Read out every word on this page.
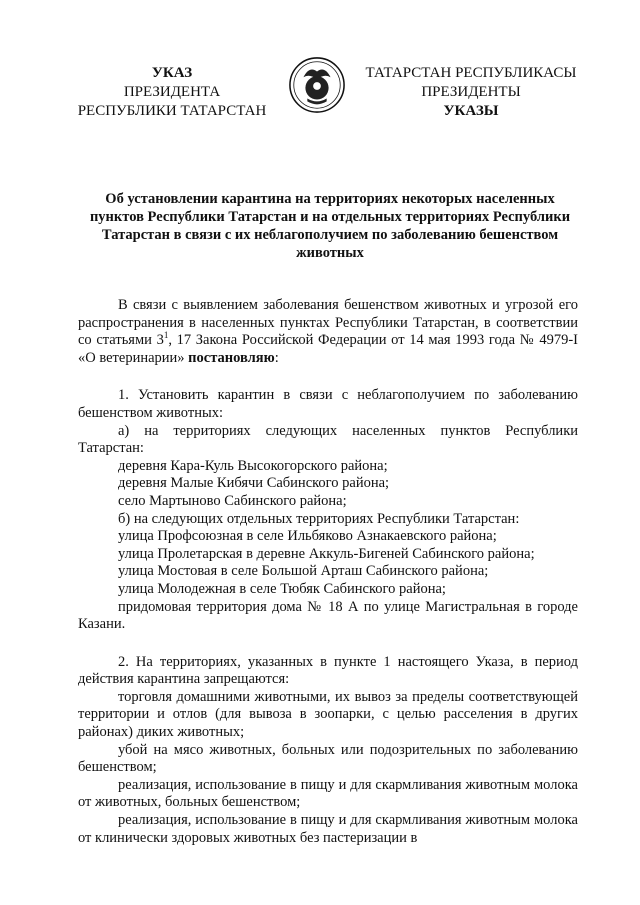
УКАЗ
ПРЕЗИДЕНТА
РЕСПУБЛИКИ ТАТАРСТАН
ТАТАРСТАН РЕСПУБЛИКАСЫ
ПРЕЗИДЕНТЫ
УКАЗЫ
Об установлении карантина на территориях некоторых населенных пунктов Республики Татарстан и на отдельных территориях Республики Татарстан в связи с их неблагополучием по заболеванию бешенством животных

В связи с выявлением заболевания бешенством животных и угрозой его распространения в населенных пунктах Республики Татарстан, в соответствии со статьями $3^1$, 17 Закона Российской Федерации от 14 мая 1993 года № 4979-I «О ветеринарии» постановляю:

1. Установить карантин в связи с неблагополучием по заболеванию бешенством животных:

а) на территориях следующих населенных пунктов Республики Татарстан:

деревня Кара-Куль Высокогорского района;

деревня Малые Кибячи Сабинского района;

село Мартыново Сабинского района;

б) на следующих отдельных территориях Республики Татарстан:

улица Профсоюзная в селе Ильбяково Азнакаевского района;

улица Пролетарская в деревне Аккуль-Бигеней Сабинского района;

улица Мостовая в селе Большой Арташ Сабинского района;

улица Молодежная в селе Тюбяк Сабинского района;

придомовая территория дома № 18 А по улице Магистральная в городе Казани.

2. На территориях, указанных в пункте 1 настоящего Указа, в период действия карантина запрещаются:

торговля домашними животными, их вывоз за пределы соответствующей территории и отлов (для вывоза в зоопарки, с целью расселения в других районах) диких животных;

убой на мясо животных, больных или подозрительных по заболеванию бешенством;

реализация, использование в пищу и для скармливания животным молока от животных, больных бешенством;

реализация, использование в пищу и для скармливания животным молока от клинически здоровых животных без пастеризации в
